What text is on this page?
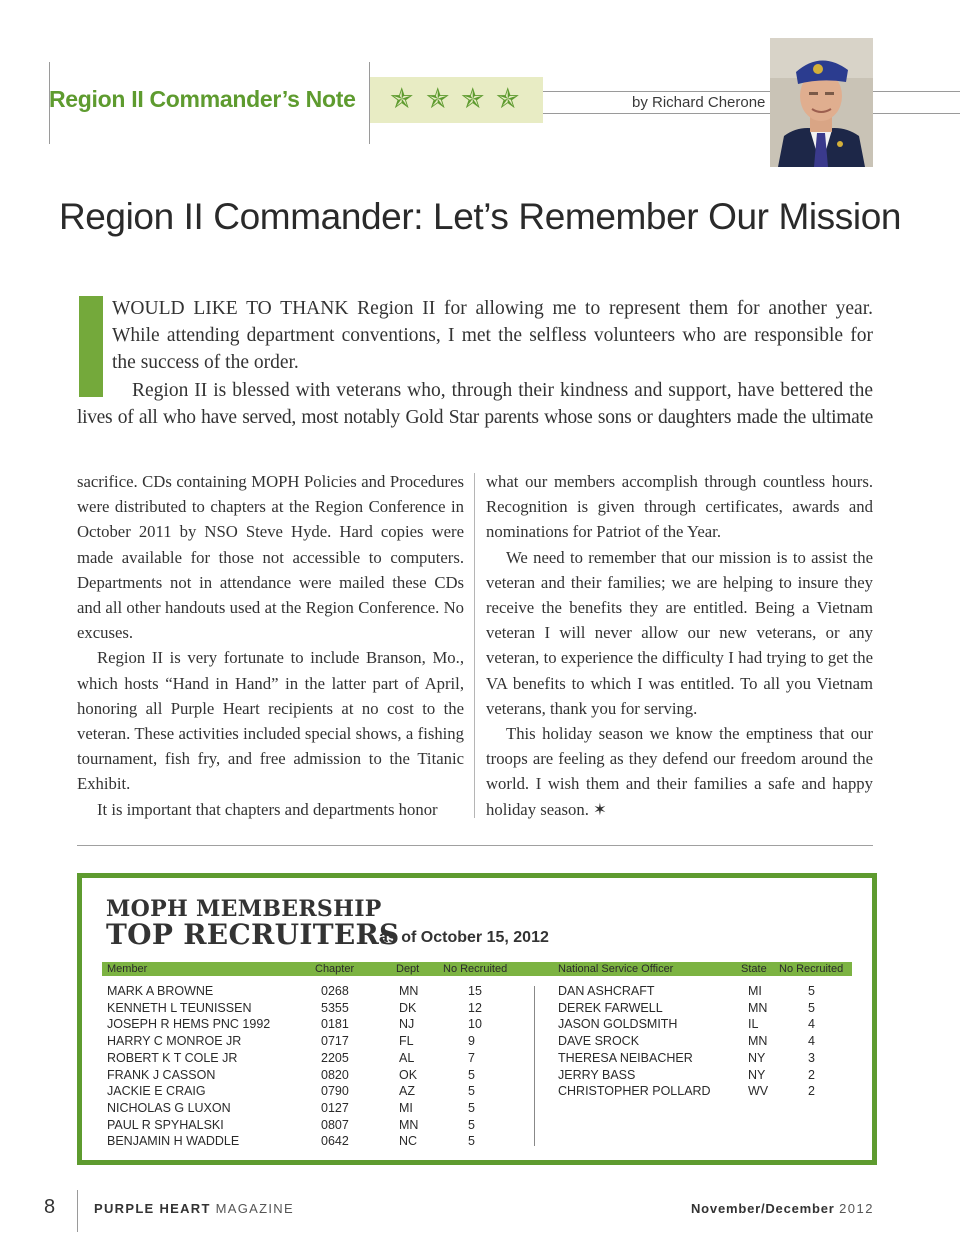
Region II Commander’s Note ✯ ✯ ✯ ✯	by Richard Cherone
Region II Commander: Let’s Remember Our Mission
WOULD LIKE TO THANK Region II for allowing me to represent them for another year.
While attending department conventions, I met the selfless volunteers who are responsible for
the success of the order.
Region II is blessed with veterans who, through their kindness and support, have bettered the
lives of all who have served, most notably Gold Star parents whose sons or daughters made the ultimate

sacrifice. CDs containing MOPH Policies and Procedures were distributed to chapters at the Region Conference in October 2011 by NSO Steve Hyde. Hard copies were made available for those not accessible to computers. Departments not in attendance were mailed these CDs and all other handouts used at the Region Conference. No excuses.

Region II is very fortunate to include Branson, Mo., which hosts “Hand in Hand” in the latter part of April, honoring all Purple Heart recipients at no cost to the veteran. These activities included special shows, a fishing tournament, fish fry, and free admission to the Titanic Exhibit.

It is important that chapters and departments honor

what our members accomplish through countless hours. Recognition is given through certificates, awards and nominations for Patriot of the Year.

We need to remember that our mission is to assist the veteran and their families; we are helping to insure they receive the benefits they are entitled. Being a Vietnam veteran I will never allow our new veterans, or any veteran, to experience the difficulty I had trying to get the VA benefits to which I was entitled. To all you Vietnam veterans, thank you for serving.

This holiday season we know the emptiness that our troops are feeling as they defend our freedom around the world. I wish them and their families a safe and happy holiday season. ✶

MOPH MEMBERSHIP
TOP RECRUITERS
as of October 15, 2012
Member	Chapter	Dept No Recruited	National Service Officer	State No Recruited
MARK A BROWNE	0268	MN	15
KENNETH L TEUNISSEN	5355	DK	12
JOSEPH R HEMS PNC 1992	0181	NJ	10
HARRY C MONROE JR	0717	FL	9
ROBERT K T COLE JR	2205	AL	7
FRANK J CASSON	0820	OK	5
JACKIE E CRAIG	0790	AZ	5
NICHOLAS G LUXON	0127	MI	5
PAUL R SPYHALSKI	0807	MN	5
BENJAMIN H WADDLE	0642	NC	5
DAN ASHCRAFT	MI	5
DEREK FARWELL	MN	5
JASON GOLDSMITH	IL	4
DAVE SROCK	MN	4
THERESA NEIBACHER	NY	3
JERRY BASS	NY	2
CHRISTOPHER POLLARD	WV	2
8	PURPLE HEART MAGAZINE	November/December 2012
